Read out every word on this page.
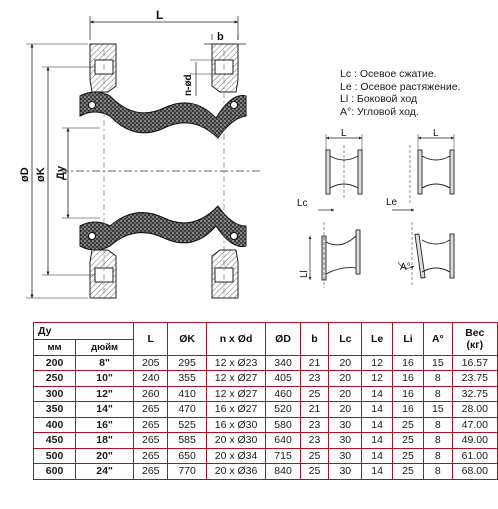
L
b
n-ød
øD øK Ду
L
Lc
L
Le
Ll
A°
Lc : Осевое сжатие.
Le : Осевое растяжение.
Ll : Боковой ход
A°: Угловой ход.
Ду		L	ØK	n x Ød	ØD	b	Lc	Le	Li	A°	Вес
(кг)
мм	дюйм										
200	8"	205	295	12 x Ø23	340	21	20	12	16	15	16.57
250	10"	240	355	12 x Ø27	405	23	20	12	16	8	23.75
300	12"	260	410	12 x Ø27	460	25	20	14	16	8	32.75
350	14"	265	470	16 x Ø27	520	21	20	14	16	15	28.00
400	16"	265	525	16 x Ø30	580	23	30	14	25	8	47.00
450	18"	265	585	20 x Ø30	640	23	30	14	25	8	49.00
500	20"	265	650	20 x Ø34	715	25	30	14	25	8	61.00
600	24"	265	770	20 x Ø36	840	25	30	14	25	8	68.00
